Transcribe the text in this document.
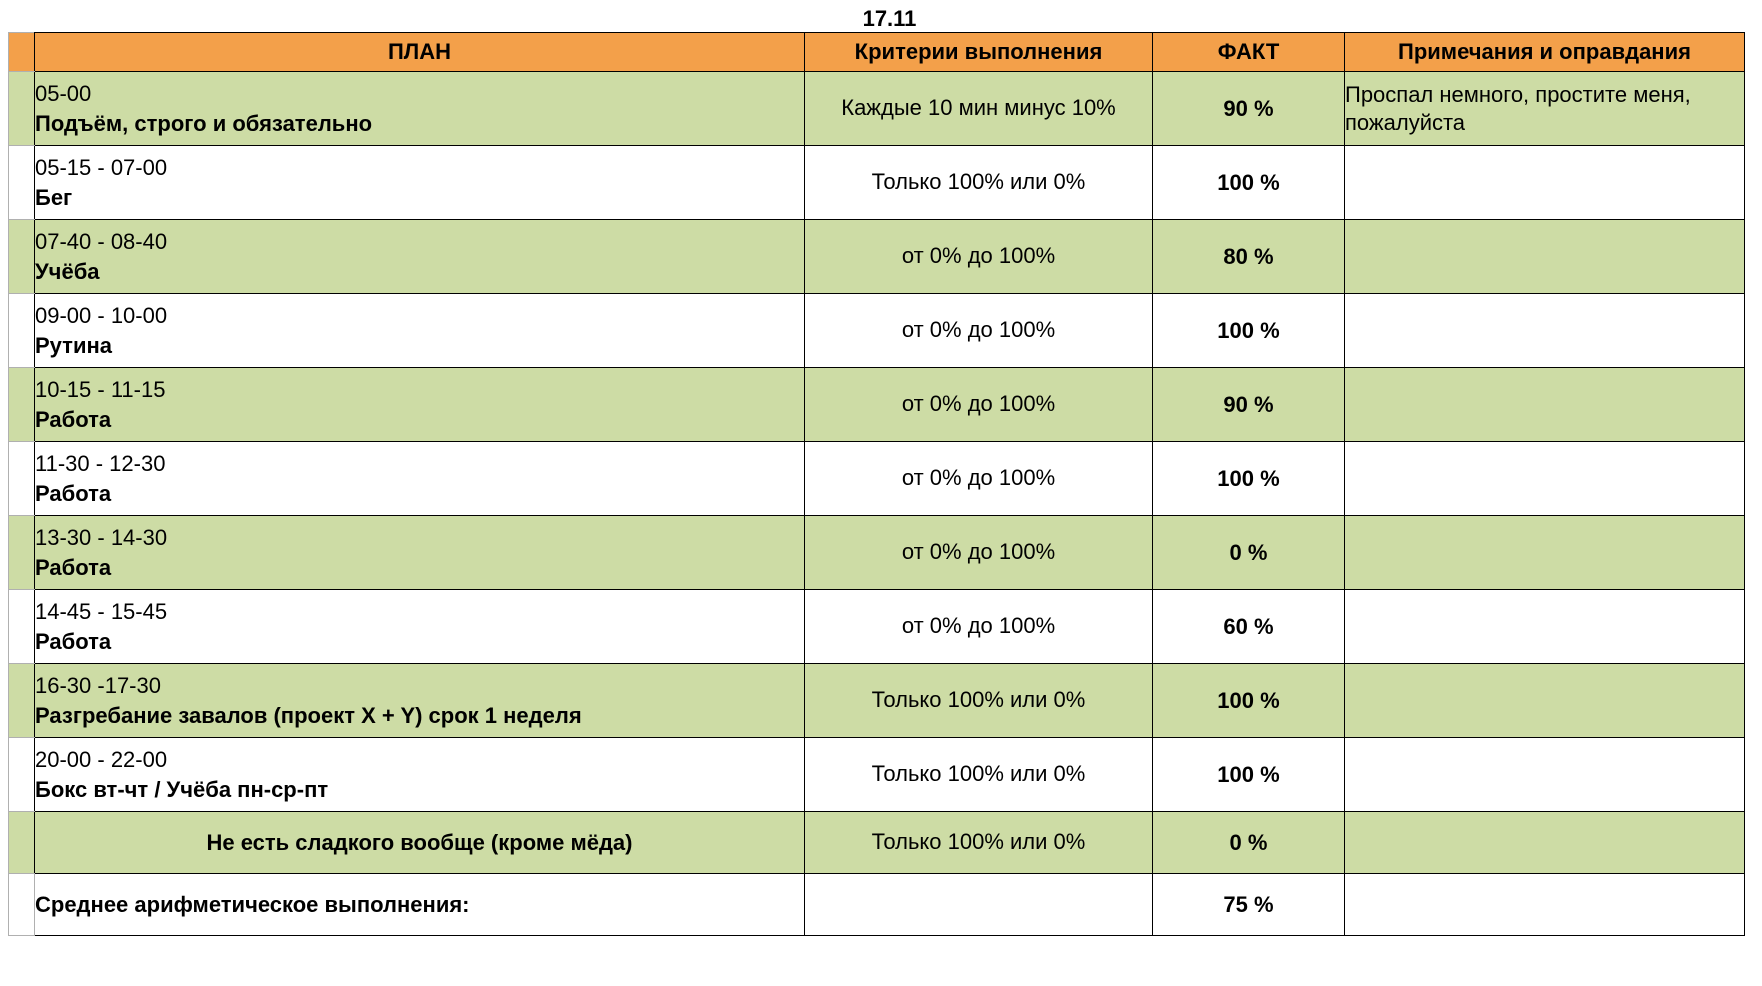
	17.11			
	ПЛАН	Критерии выполнения	ФАКТ	Примечания и оправдания

	05-00
Подъём, строго и обязательно	Каждые 10 мин минус 10%	90 %	Проспал немного, простите меня, пожалуйста

	05-15 - 07-00
Бег	Только 100% или 0%	100 %	

	07-40 - 08-40
Учёба	от 0% до 100%	80 %	

	09-00 - 10-00
Рутина	от 0% до 100%	100 %	

	10-15 - 11-15
Работа	от 0% до 100%	90 %	

	11-30 - 12-30
Работа	от 0% до 100%	100 %	

	13-30 - 14-30
Работа	от 0% до 100%	0 %	

	14-45 - 15-45
Работа	от 0% до 100%	60 %	

	16-30 -17-30
Разгребание завалов (проект X + Y) срок 1 неделя	Только 100% или 0%	100 %	

	20-00 - 22-00
Бокс вт-чт / Учёба пн-ср-пт	Только 100% или 0%	100 %	

	Не есть сладкого вообще (кроме мёда)	Только 100% или 0%	0 %	
	Среднее арифметическое выполнения:		75 %	
